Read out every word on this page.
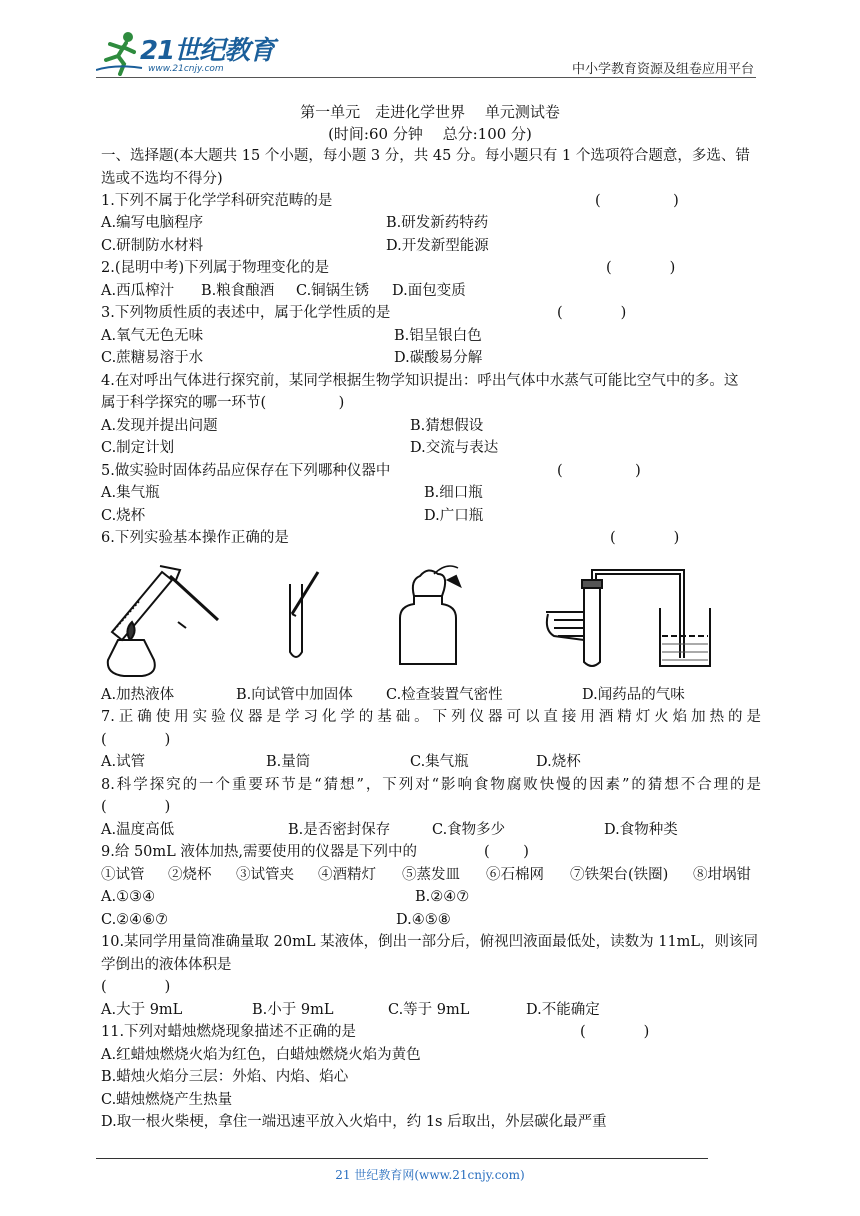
21世纪教育
www.21cnjy.com	中小学教育资源及组卷应用平台
第一单元　走进化学世界　 单元测试卷
(时间:60 分钟　 总分:100 分)
一、选择题(本大题共 15 个小题，每小题 3 分，共 45 分。每小题只有 1 个选项符合题意，多选、错
选或不选均不得分)
1.下列不属于化学学科研究范畴的是	(　　　　　)
A.编写电脑程序	B.研发新药特药
C.研制防水材料	D.开发新型能源
2.(昆明中考)下列属于物理变化的是	(　　　　)
A.西瓜榨汁 B.粮食酿酒 C.铜锅生锈 D.面包变质
3.下列物质性质的表述中，属于化学性质的是	(　　　　)
A.氧气无色无味	B.铝呈银白色
C.蔗糖易溶于水	D.碳酸易分解
4.在对呼出气体进行探究前，某同学根据生物学知识提出：呼出气体中水蒸气可能比空气中的多。这
属于科学探究的哪一环节(　　　　　)
A.发现并提出问题	B.猜想假设
C.制定计划	D.交流与表达
5.做实验时固体药品应保存在下列哪种仪器中	(　　　　　)
A.集气瓶	B.细口瓶
C.烧杯	D.广口瓶
6.下列实验基本操作正确的是	(　　　　)
A.加热液体	B.向试管中加固体 C.检查装置气密性	D.闻药品的气味
7.正确使用实验仪器是学习化学的基础。下列仪器可以直接用酒精灯火焰加热的是
(　　　　)
A.试管	B.量筒	C.集气瓶	D.烧杯
8.科学探究的一个重要环节是“猜想”，下列对“影响食物腐败快慢的因素”的猜想不合理的是
(　　　　)
A.温度高低	B.是否密封保存	C.食物多少	D.食物种类
9.给 50mL 液体加热,需要使用的仪器是下列中的	(　　 )
①试管 ②烧杯 ③试管夹 ④酒精灯 ⑤蒸发皿 ⑥石棉网 ⑦铁架台(铁圈) ⑧坩埚钳
A.①③④	B.②④⑦
C.②④⑥⑦	D.④⑤⑧
10.某同学用量筒准确量取 20mL 某液体，倒出一部分后，俯视凹液面最低处，读数为 11mL，则该同
学倒出的液体体积是
(　　　　)
A.大于 9mL	B.小于 9mL	C.等于 9mL	D.不能确定
11.下列对蜡烛燃烧现象描述不正确的是	(　　　　)
A.红蜡烛燃烧火焰为红色，白蜡烛燃烧火焰为黄色
B.蜡烛火焰分三层：外焰、内焰、焰心
C.蜡烛燃烧产生热量
D.取一根火柴梗，拿住一端迅速平放入火焰中，约 1s 后取出，外层碳化最严重
21 世纪教育网(www.21cnjy.com)
